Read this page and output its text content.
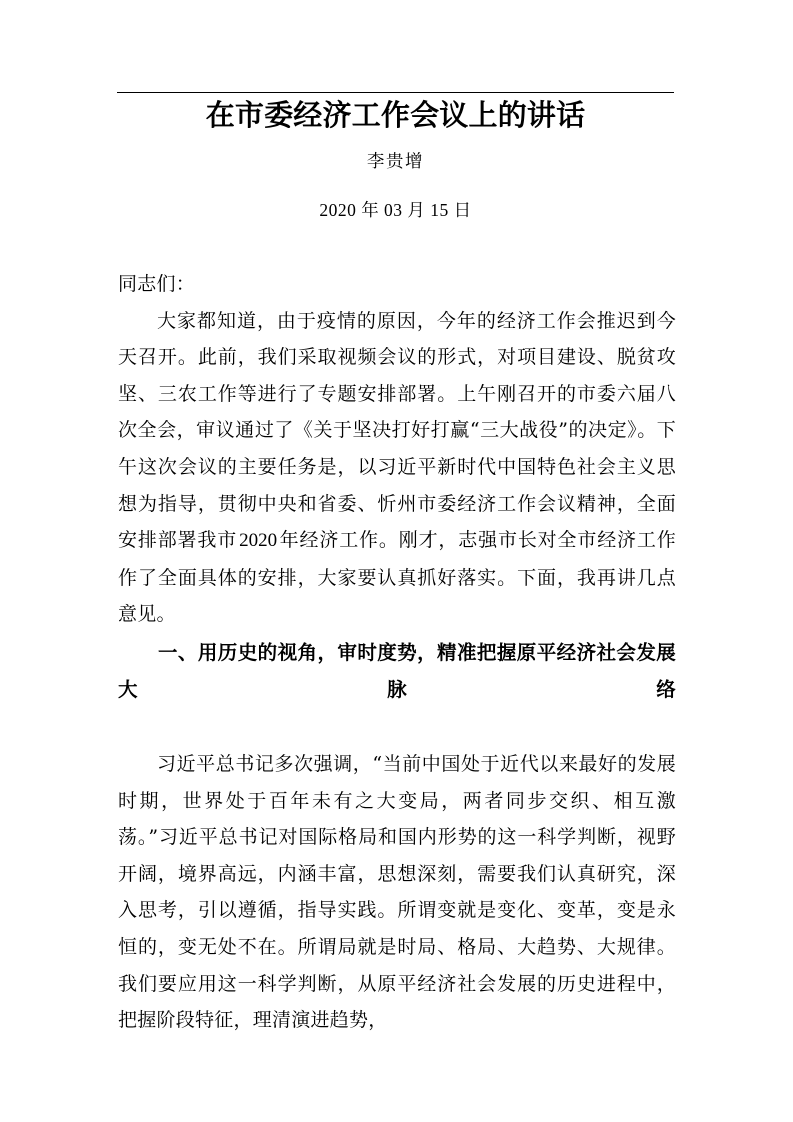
在市委经济工作会议上的讲话
李贵增
2020 年 03 月 15 日

同志们：

大家都知道，由于疫情的原因，今年的经济工作会推迟到今天召开。此前，我们采取视频会议的形式，对项目建设、脱贫攻坚、三农工作等进行了专题安排部署。上午刚召开的市委六届八次全会，审议通过了《关于坚决打好打赢“三大战役”的决定》。下午这次会议的主要任务是，以习近平新时代中国特色社会主义思想为指导，贯彻中央和省委、忻州市委经济工作会议精神，全面安排部署我市 2020 年经济工作。刚才，志强市长对全市经济工作作了全面具体的安排，大家要认真抓好落实。下面，我再讲几点意见。

一、用历史的视角，审时度势，精准把握原平经济社会发展大脉络

习近平总书记多次强调，“当前中国处于近代以来最好的发展时期，世界处于百年未有之大变局，两者同步交织、相互激荡。”习近平总书记对国际格局和国内形势的这一科学判断，视野开阔，境界高远，内涵丰富，思想深刻，需要我们认真研究，深入思考，引以遵循，指导实践。所谓变就是变化、变革，变是永恒的，变无处不在。所谓局就是时局、格局、大趋势、大规律。我们要应用这一科学判断，从原平经济社会发展的历史进程中，把握阶段特征，理清演进趋势，
